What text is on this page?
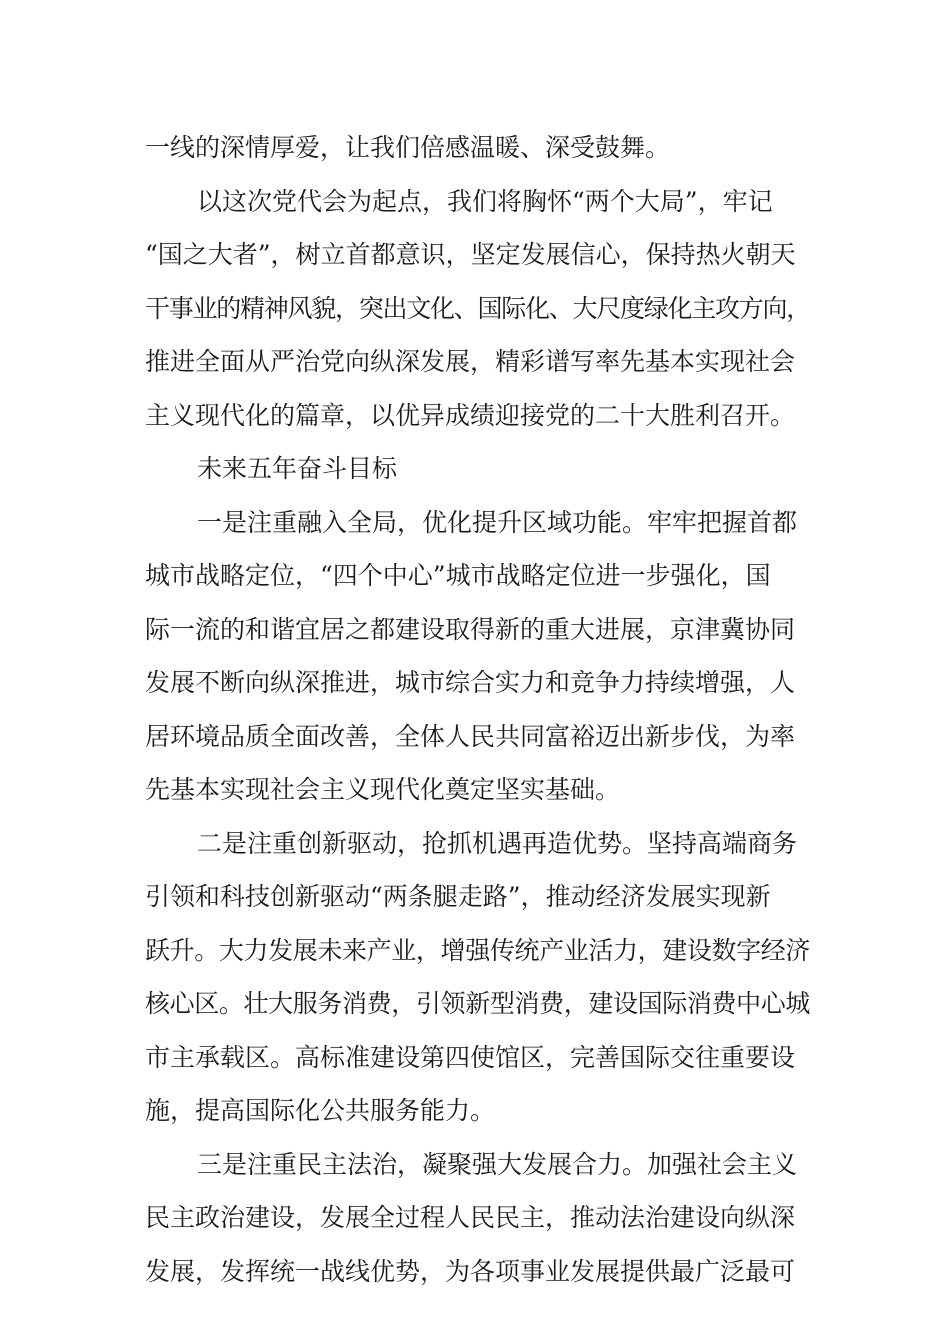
一线的深情厚爱，让我们倍感温暖、深受鼓舞。
以这次党代会为起点，我们将胸怀“两个大局”，牢记
“国之大者”，树立首都意识，坚定发展信心，保持热火朝天
干事业的精神风貌，突出文化、国际化、大尺度绿化主攻方向，
推进全面从严治党向纵深发展，精彩谱写率先基本实现社会
主义现代化的篇章，以优异成绩迎接党的二十大胜利召开。
未来五年奋斗目标
一是注重融入全局，优化提升区域功能。牢牢把握首都
城市战略定位，“四个中心”城市战略定位进一步强化，国
际一流的和谐宜居之都建设取得新的重大进展，京津冀协同
发展不断向纵深推进，城市综合实力和竞争力持续增强，人
居环境品质全面改善，全体人民共同富裕迈出新步伐，为率
先基本实现社会主义现代化奠定坚实基础。
二是注重创新驱动，抢抓机遇再造优势。坚持高端商务
引领和科技创新驱动“两条腿走路”，推动经济发展实现新
跃升。大力发展未来产业，增强传统产业活力，建设数字经济
核心区。壮大服务消费，引领新型消费，建设国际消费中心城
市主承载区。高标准建设第四使馆区，完善国际交往重要设
施，提高国际化公共服务能力。
三是注重民主法治，凝聚强大发展合力。加强社会主义
民主政治建设，发展全过程人民民主，推动法治建设向纵深
发展，发挥统一战线优势，为各项事业发展提供最广泛最可
